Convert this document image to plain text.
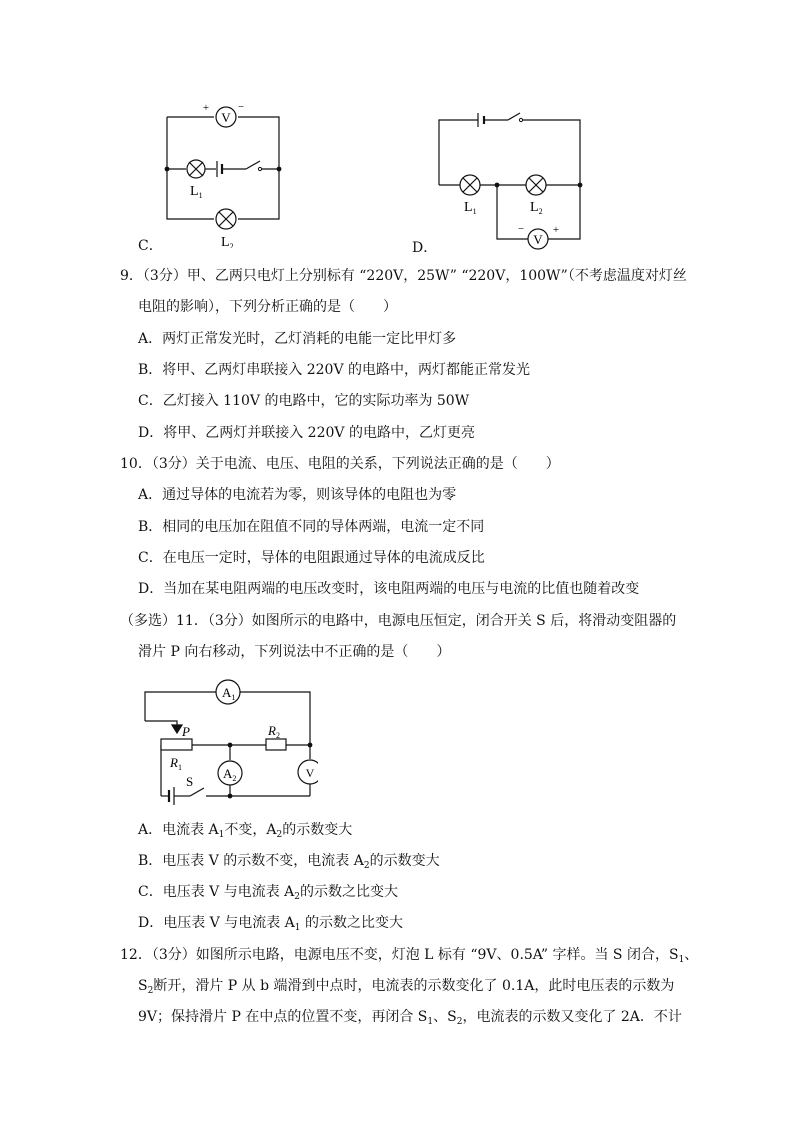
V
+	−
$L_1$
$L_2$
C．	V
−	+
$L_1$	$L_2$
D．
9．（3分）甲、乙两只电灯上分别标有 “220V，25W” “220V，100W”（不考虑温度对灯丝
电阻的影响），下列分析正确的是（　　）
A．两灯正常发光时，乙灯消耗的电能一定比甲灯多
B．将甲、乙两灯串联接入 220V 的电路中，两灯都能正常发光
C．乙灯接入 110V 的电路中，它的实际功率为 50W
D．将甲、乙两灯并联接入 220V 的电路中，乙灯更亮
10．（3分）关于电流、电压、电阻的关系，下列说法正确的是（　　）
A．通过导体的电流若为零，则该导体的电阻也为零
B．相同的电压加在阻值不同的导体两端，电流一定不同
C．在电压一定时，导体的电阻跟通过导体的电流成反比
D．当加在某电阻两端的电压改变时，该电阻两端的电压与电流的比值也随着改变
（多选）11．（3分）如图所示的电路中，电源电压恒定，闭合开关 S 后，将滑动变阻器的
滑片 P 向右移动，下列说法中不正确的是（　　）
$A_1$
$A_2$
P
$R_1$
$R_2$
V
S
A．电流表 $A_1$不变，$A_2$的示数变大
B．电压表 V 的示数不变，电流表 $A_2$的示数变大
C．电压表 V 与电流表 $A_2$的示数之比变大
D．电压表 V 与电流表 $A_1$ 的示数之比变大
12．（3分）如图所示电路，电源电压不变，灯泡 L 标有 “9V、0.5A” 字样。当 S 闭合，$S_1$、
$S_2$断开，滑片 P 从 b 端滑到中点时，电流表的示数变化了 0.1A，此时电压表的示数为
9V；保持滑片 P 在中点的位置不变，再闭合 $S_1$、$S_2$，电流表的示数又变化了 2A．不计
